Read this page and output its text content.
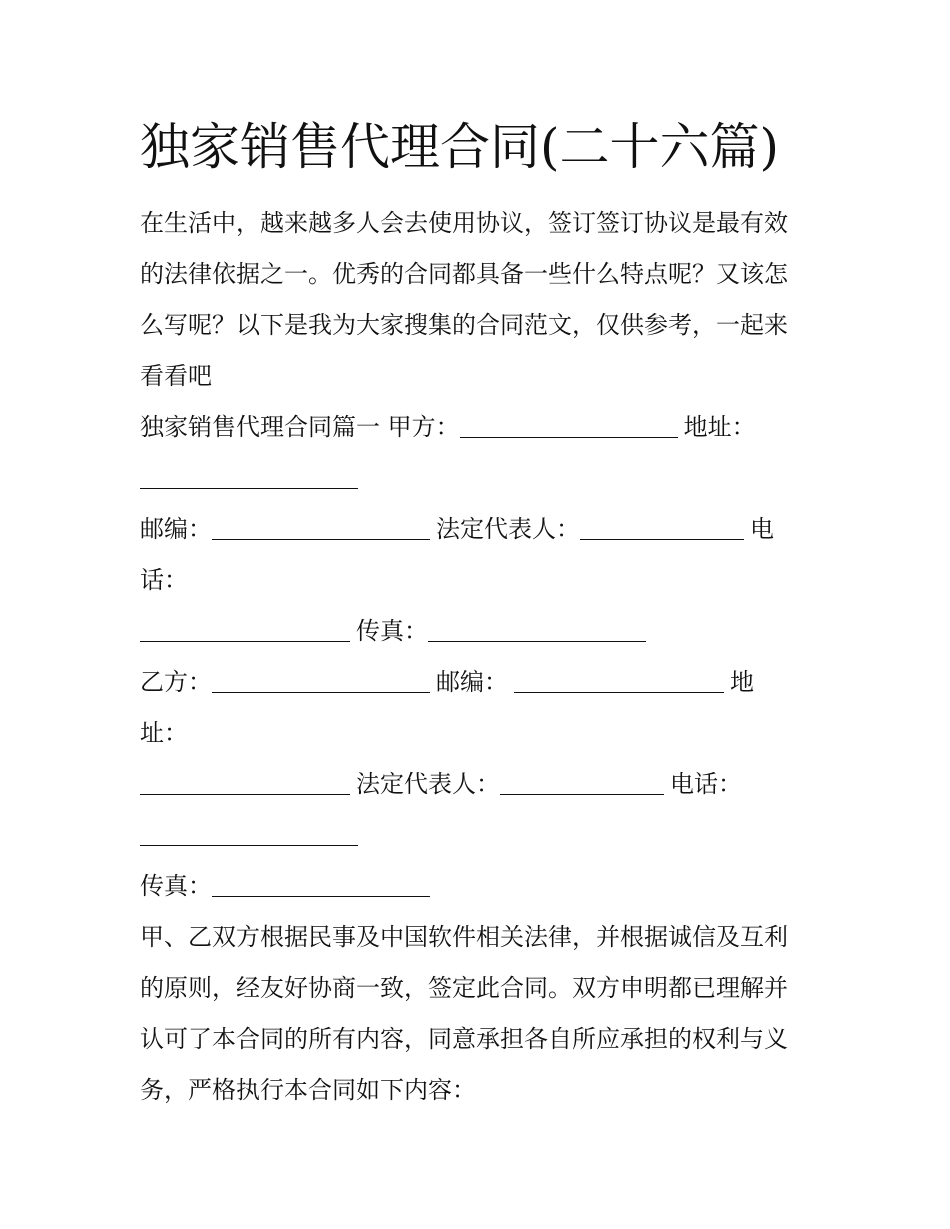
独家销售代理合同(二十六篇)

在生活中，越来越多人会去使用协议，签订签订协议是最有效

的法律依据之一。优秀的合同都具备一些什么特点呢？又该怎

么写呢？以下是我为大家搜集的合同范文，仅供参考，一起来

看看吧

独家销售代理合同篇一 甲方：	地址：

邮编：	法定代表人：	电

话：

传真：

乙方：	邮编：	地

址：

法定代表人：	电话：

传真：

甲、乙双方根据民事及中国软件相关法律，并根据诚信及互利

的原则，经友好协商一致，签定此合同。双方申明都已理解并

认可了本合同的所有内容，同意承担各自所应承担的权利与义

务，严格执行本合同如下内容：
